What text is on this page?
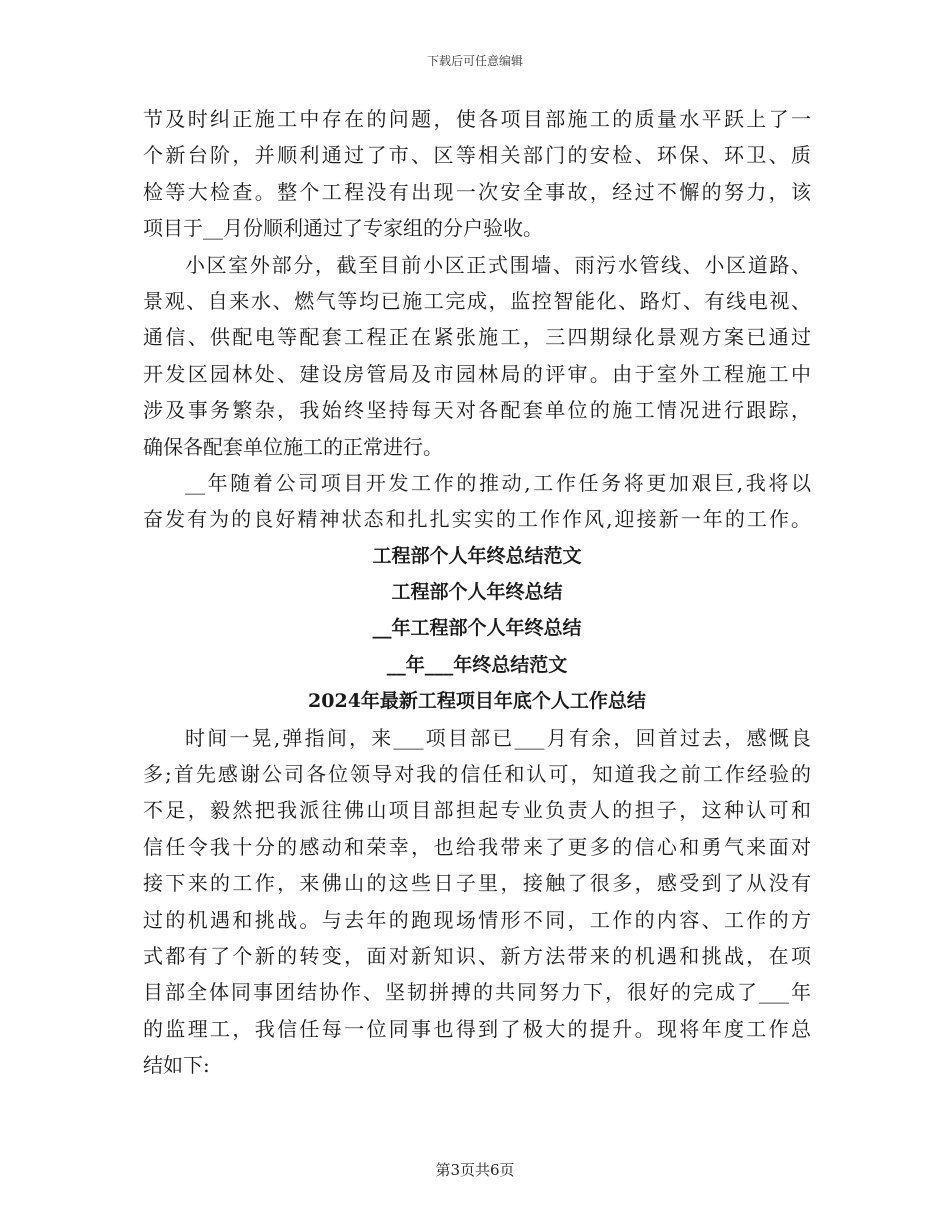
下载后可任意编辑
节及时纠正施工中存在的问题，使各项目部施工的质量水平跃上了一
个新台阶，并顺利通过了市、区等相关部门的安检、环保、环卫、质
检等大检查。整个工程没有出现一次安全事故，经过不懈的努力，该
项目于__月份顺利通过了专家组的分户验收。
小区室外部分，截至目前小区正式围墙、雨污水管线、小区道路、
景观、自来水、燃气等均已施工完成，监控智能化、路灯、有线电视、
通信、供配电等配套工程正在紧张施工，三四期绿化景观方案已通过
开发区园林处、建设房管局及市园林局的评审。由于室外工程施工中
涉及事务繁杂，我始终坚持每天对各配套单位的施工情况进行跟踪，
确保各配套单位施工的正常进行。
__年随着公司项目开发工作的推动,工作任务将更加艰巨,我将以
奋发有为的良好精神状态和扎扎实实的工作作风,迎接新一年的工作。
工程部个人年终总结范文
工程部个人年终总结
__年工程部个人年终总结
__年___年终总结范文
2024年最新工程项目年底个人工作总结
时间一晃,弹指间，来___项目部已___月有余，回首过去，感慨良
多;首先感谢公司各位领导对我的信任和认可，知道我之前工作经验的
不足，毅然把我派往佛山项目部担起专业负责人的担子，这种认可和
信任令我十分的感动和荣幸，也给我带来了更多的信心和勇气来面对
接下来的工作，来佛山的这些日子里，接触了很多，感受到了从没有
过的机遇和挑战。与去年的跑现场情形不同，工作的内容、工作的方
式都有了个新的转变，面对新知识、新方法带来的机遇和挑战，在项
目部全体同事团结协作、坚韧拼搏的共同努力下，很好的完成了___年
的监理工，我信任每一位同事也得到了极大的提升。现将年度工作总
结如下:
第3页共6页
